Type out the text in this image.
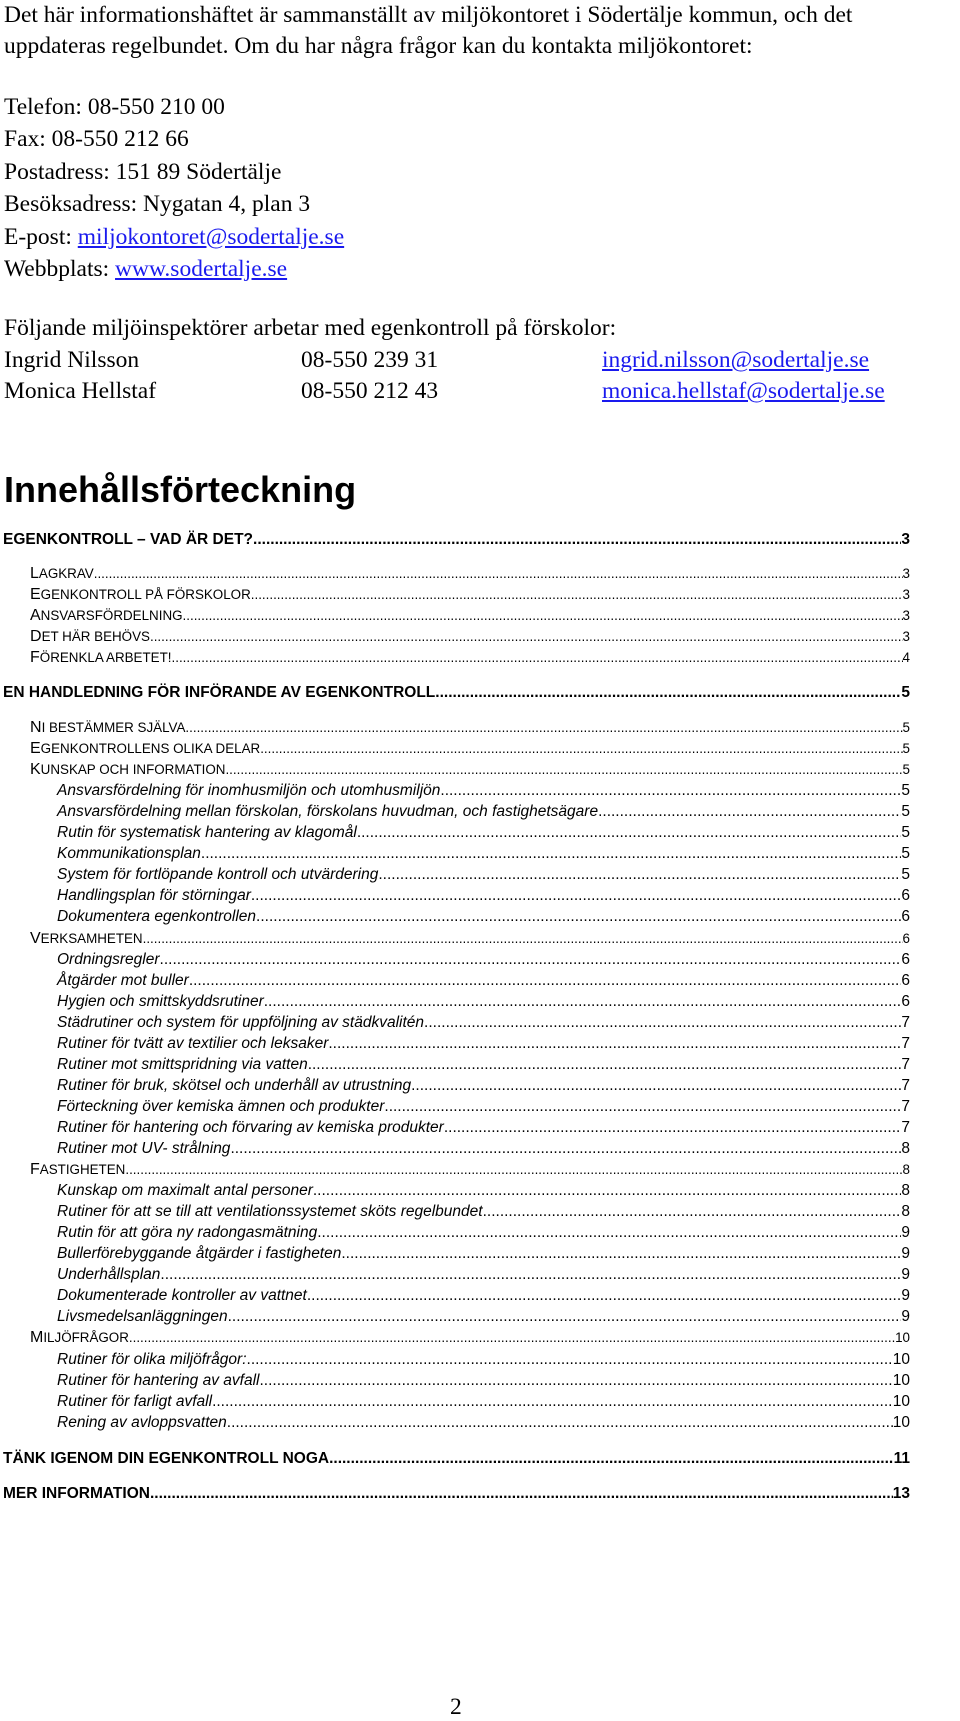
Det här informationshäftet är sammanställt av miljökontoret i Södertälje kommun, och det uppdateras regelbundet. Om du har några frågor kan du kontakta miljökontoret:

Telefon: 08-550 210 00
Fax: 08-550 212 66
Postadress: 151 89 Södertälje
Besöksadress: Nygatan 4, plan 3
E-post: miljokontoret@sodertalje.se
Webbplats: www.sodertalje.se
Följande miljöinspektörer arbetar med egenkontroll på förskolor:
Ingrid Nilsson	08-550 239 31	ingrid.nilsson@sodertalje.se
Monica Hellstaf	08-550 212 43	monica.hellstaf@sodertalje.se
Innehållsförteckning
EGENKONTROLL – VAD ÄR DET? .....	3
LAGKRAV .....	3
EGENKONTROLL PÅ FÖRSKOLOR .....	3
ANSVARSFÖRDELNING .....	3
DET HÄR BEHÖVS .....	3
FÖRENKLA ARBETET! .....	4
EN HANDLEDNING FÖR INFÖRANDE AV EGENKONTROLL .....	5
NI BESTÄMMER SJÄLVA .....	5
EGENKONTROLLENS OLIKA DELAR .....	5
KUNSKAP OCH INFORMATION .....	5
Ansvarsfördelning för inomhusmiljön och utomhusmiljön .....	5
Ansvarsfördelning mellan förskolan, förskolans huvudman, och fastighetsägare .....	5
Rutin för systematisk hantering av klagomål .....	5
Kommunikationsplan .....	5
System för fortlöpande kontroll och utvärdering .....	5
Handlingsplan för störningar .....	6
Dokumentera egenkontrollen .....	6
VERKSAMHETEN .....	6
Ordningsregler .....	6
Åtgärder mot buller .....	6
Hygien och smittskyddsrutiner .....	6
Städrutiner och system för uppföljning av städkvalitén .....	7
Rutiner för tvätt av textilier och leksaker .....	7
Rutiner mot smittspridning via vatten .....	7
Rutiner för bruk, skötsel och underhåll av utrustning .....	7
Förteckning över kemiska ämnen och produkter .....	7
Rutiner för hantering och förvaring av kemiska produkter .....	7
Rutiner mot UV- strålning .....	8
FASTIGHETEN .....	8
Kunskap om maximalt antal personer .....	8
Rutiner för att se till att ventilationssystemet sköts regelbundet .....	8
Rutin för att göra ny radongasmätning .....	9
Bullerförebyggande åtgärder i fastigheten .....	9
Underhållsplan .....	9
Dokumenterade kontroller av vattnet .....	9
Livsmedelsanläggningen .....	9
MILJÖFRÅGOR .....	10
Rutiner för olika miljöfrågor: .....	10
Rutiner för hantering av avfall .....	10
Rutiner för farligt avfall .....	10
Rening av avloppsvatten .....	10
TÄNK IGENOM DIN EGENKONTROLL NOGA .....	11
MER INFORMATION .....	13
2
